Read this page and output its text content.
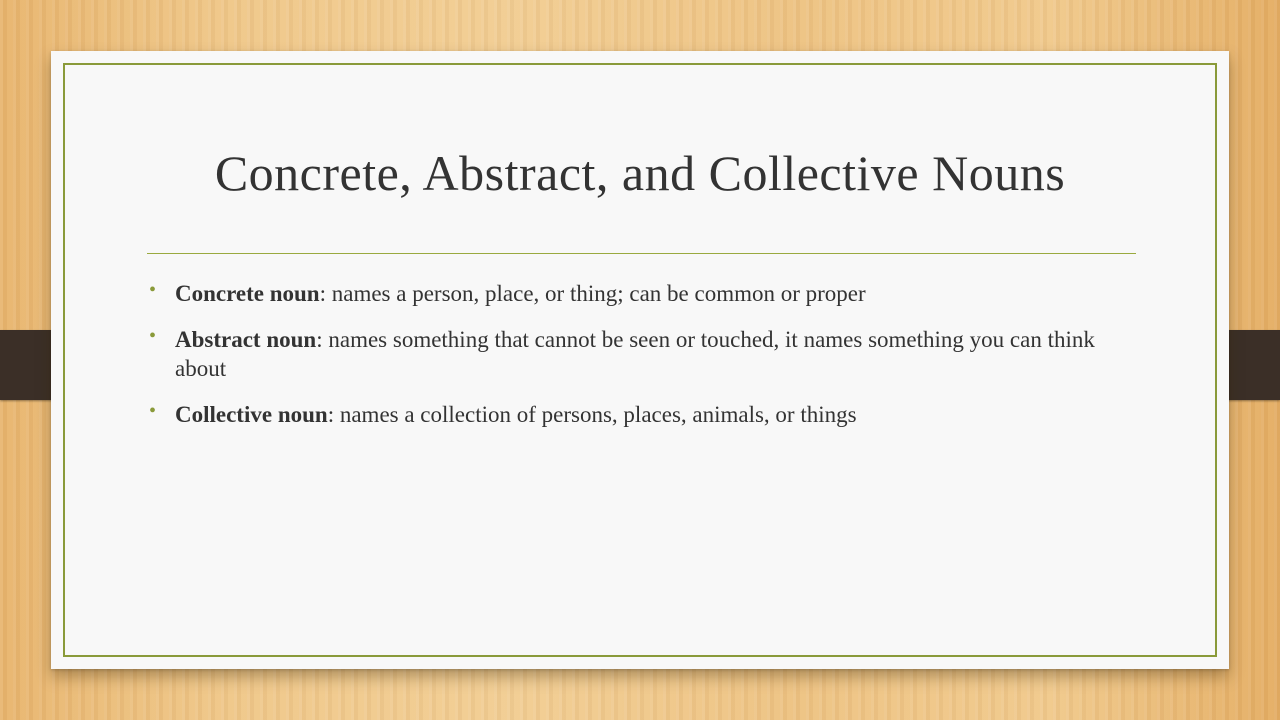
Concrete, Abstract, and Collective Nouns
• Concrete noun: names a person, place, or thing; can be common or proper
• Abstract noun: names something that cannot be seen or touched, it names something you can think about
• Collective noun: names a collection of persons, places, animals, or things
